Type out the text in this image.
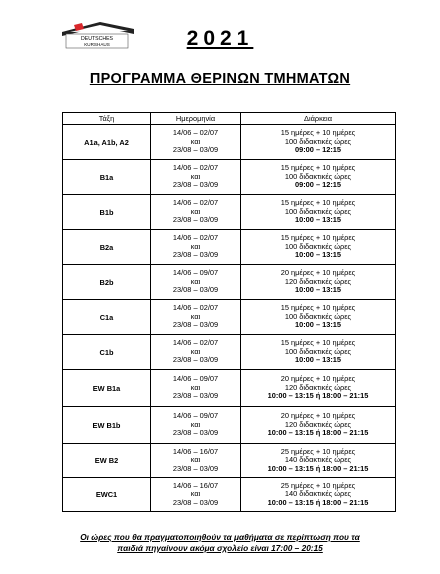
DEUTSCHES
KURSHAUS	2021
ΠΡΟΓΡΑΜΜΑ ΘΕΡΙΝΩΝ ΤΜΗΜΑΤΩΝ
Τάξη	Ημερομηνία	Διάρκεια
A1a, A1b, A2	14/06 – 02/07
και
23/08 – 03/09	15 ημέρες + 10 ημέρες
100 διδακτικές ώρες
09:00 – 12:15

B1a	14/06 – 02/07
και
23/08 – 03/09	15 ημέρες + 10 ημέρες
100 διδακτικές ώρες
09:00 – 12:15

B1b	14/06 – 02/07
και
23/08 – 03/09	15 ημέρες + 10 ημέρες
100 διδακτικές ώρες
10:00 – 13:15

B2a	14/06 – 02/07
και
23/08 – 03/09	15 ημέρες + 10 ημέρες
100 διδακτικές ώρες
10:00 – 13:15

B2b	14/06 – 09/07
και
23/08 – 03/09	20 ημέρες + 10 ημέρες
120 διδακτικές ώρες
10:00 – 13:15

C1a	14/06 – 02/07
και
23/08 – 03/09	15 ημέρες + 10 ημέρες
100 διδακτικές ώρες
10:00 – 13:15

C1b	14/06 – 02/07
και
23/08 – 03/09	15 ημέρες + 10 ημέρες
100 διδακτικές ώρες
10:00 – 13:15

EW B1a	14/06 – 09/07
και
23/08 – 03/09	20 ημέρες + 10 ημέρες
120 διδακτικές ώρες
10:00 – 13:15 ή 18:00 – 21:15

EW B1b	14/06 – 09/07
και
23/08 – 03/09	20 ημέρες + 10 ημέρες
120 διδακτικές ώρες
10:00 – 13:15 ή 18:00 – 21:15

EW B2	14/06 – 16/07
και
23/08 – 03/09	25 ημέρες + 10 ημέρες
140 διδακτικές ώρες
10:00 – 13:15 ή 18:00 – 21:15

EWC1	14/06 – 16/07
και
23/08 – 03/09	25 ημέρες + 10 ημέρες
140 διδακτικές ώρες
10:00 – 13:15 ή 18:00 – 21:15
Οι ώρες που θα πραγματοποιηθούν τα μαθήματα σε περίπτωση που τα
παιδιά πηγαίνουν ακόμα σχολείο είναι 17:00 – 20:15
